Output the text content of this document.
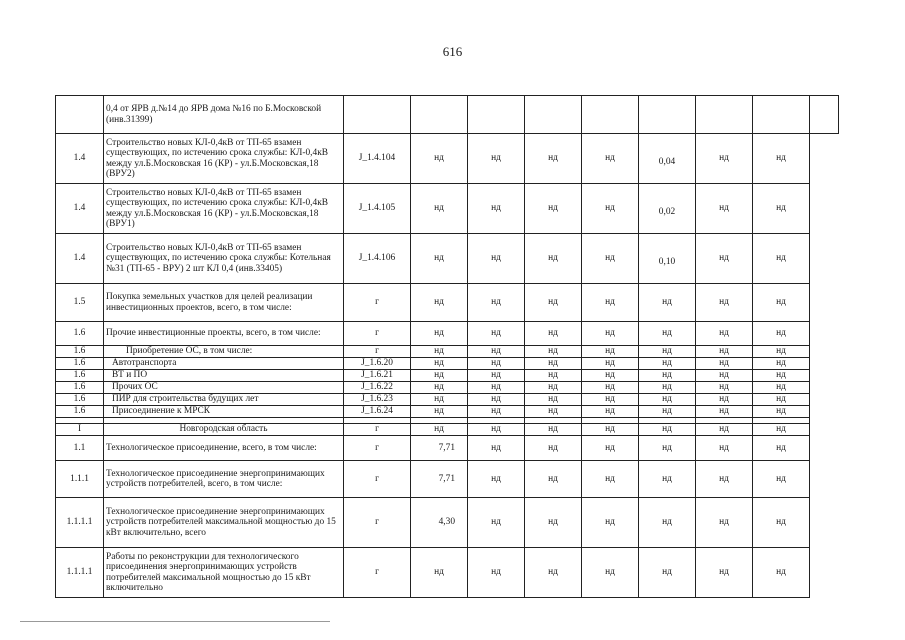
616
	0,4 от ЯРВ д.№14 до ЯРВ дома №16 по Б.Московской (инв.31399)									
1.4	Строительство новых КЛ-0,4кВ от ТП-65 взамен существующих, по истечению срока службы: КЛ-0,4кВ между ул.Б.Московская 16 (КР) - ул.Б.Московская,18 (ВРУ2)	J_1.4.104	нд	нд	нд	нд	0,04	нд	нд	
1.4	Строительство новых КЛ-0,4кВ от ТП-65 взамен существующих, по истечению срока службы: КЛ-0,4кВ между ул.Б.Московская 16 (КР) - ул.Б.Московская,18 (ВРУ1)	J_1.4.105	нд	нд	нд	нд	0,02	нд	нд	
1.4	Строительство новых КЛ-0,4кВ от ТП-65 взамен существующих, по истечению срока службы: Котельная №31 (ТП-65 - ВРУ) 2 шт КЛ 0,4 (инв.33405)	J_1.4.106	нд	нд	нд	нд	0,10	нд	нд	
1.5	Покупка земельных участков для целей реализации инвестиционных проектов, всего, в том числе:	г	нд	нд	нд	нд	нд	нд	нд	
1.6	Прочие инвестиционные проекты, всего, в том числе:	г	нд	нд	нд	нд	нд	нд	нд	
1.6	Приобретение ОС, в том числе:	г	нд	нд	нд	нд	нд	нд	нд	
1.6	Автотранспорта	J_1.6.20	нд	нд	нд	нд	нд	нд	нд	
1.6	ВТ и ПО	J_1.6.21	нд	нд	нд	нд	нд	нд	нд	
1.6	Прочих ОС	J_1.6.22	нд	нд	нд	нд	нд	нд	нд	
1.6	ПИР для строительства будущих лет	J_1.6.23	нд	нд	нд	нд	нд	нд	нд	
1.6	Присоединение к МРСК	J_1.6.24	нд	нд	нд	нд	нд	нд	нд	

I	Новгородская область	г	нд	нд	нд	нд	нд	нд	нд	
1.1	Технологическое присоединение, всего, в том числе:	г	7,71	нд	нд	нд	нд	нд	нд	
1.1.1	Технологическое присоединение энергопринимающих устройств потребителей, всего, в том числе:	г	7,71	нд	нд	нд	нд	нд	нд	
1.1.1.1	Технологическое присоединение энергопринимающих устройств потребителей максимальной мощностью до 15 кВт включительно, всего	г	4,30	нд	нд	нд	нд	нд	нд	
1.1.1.1	Работы по реконструкции для технологического присоединения энергопринимающих устройств потребителей максимальной мощностью до 15 кВт включительно	г	нд	нд	нд	нд	нд	нд	нд	
